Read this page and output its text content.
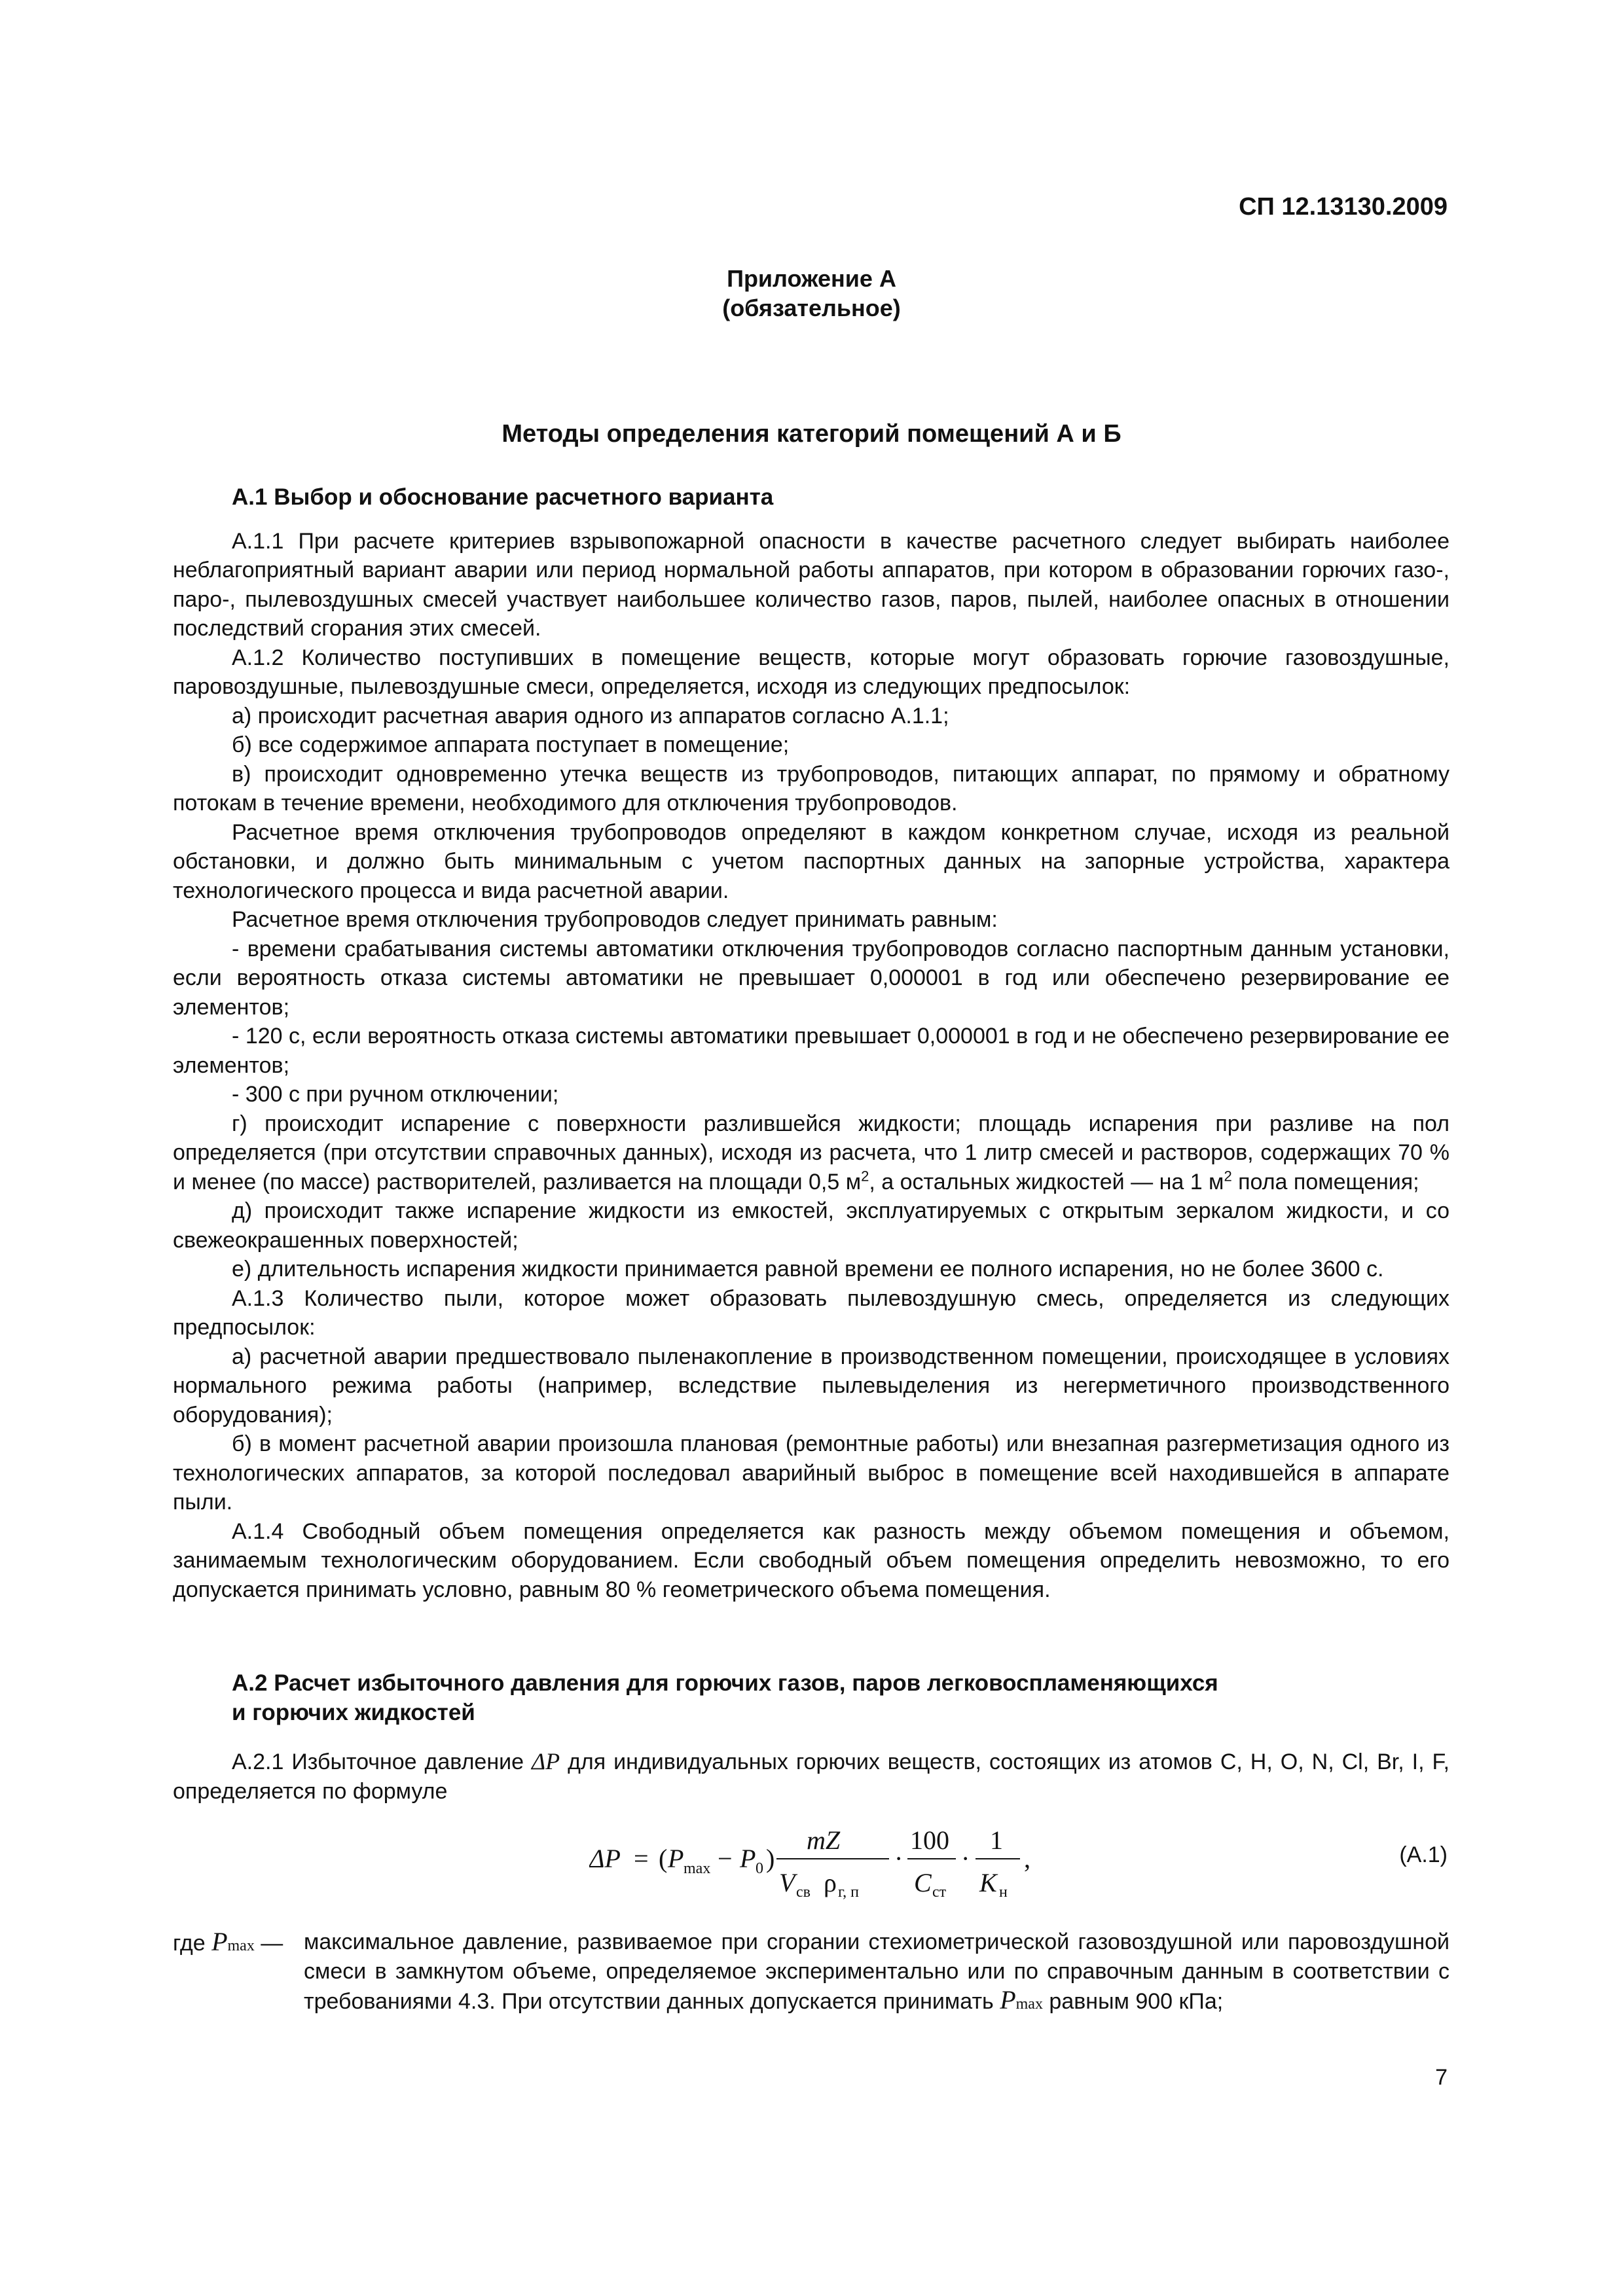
СП 12.13130.2009
Приложение А
(обязательное)
Методы определения категорий помещений А и Б
А.1 Выбор и обоснование расчетного варианта

А.1.1 При расчете критериев взрывопожарной опасности в качестве расчетного следует выбирать наиболее неблагоприятный вариант аварии или период нормальной работы аппаратов, при котором в образовании горючих газо-, паро-, пылевоздушных смесей участвует наибольшее количество газов, паров, пылей, наиболее опасных в отношении последствий сгорания этих смесей.

А.1.2 Количество поступивших в помещение веществ, которые могут образовать горючие газовоздушные, паровоздушные, пылевоздушные смеси, определяется, исходя из следующих предпосылок:

а) происходит расчетная авария одного из аппаратов согласно А.1.1;

б) все содержимое аппарата поступает в помещение;

в) происходит одновременно утечка веществ из трубопроводов, питающих аппарат, по прямому и обратному потокам в течение времени, необходимого для отключения трубопроводов.

Расчетное время отключения трубопроводов определяют в каждом конкретном случае, исходя из реальной обстановки, и должно быть минимальным с учетом паспортных данных на запорные устройства, характера технологического процесса и вида расчетной аварии.

Расчетное время отключения трубопроводов следует принимать равным:

- времени срабатывания системы автоматики отключения трубопроводов согласно паспортным данным установки, если вероятность отказа системы автоматики не превышает 0,000001 в год или обеспечено резервирование ее элементов;

- 120 с, если вероятность отказа системы автоматики превышает 0,000001 в год и не обеспечено резервирование ее элементов;

- 300 с при ручном отключении;

г) происходит испарение с поверхности разлившейся жидкости; площадь испарения при разливе на пол определяется (при отсутствии справочных данных), исходя из расчета, что 1 литр смесей и растворов, содержащих 70 % и менее (по массе) растворителей, разливается на площади 0,5 $м^2$, а остальных жидкостей — на 1 $м^2$ пола помещения;

д) происходит также испарение жидкости из емкостей, эксплуатируемых с открытым зеркалом жидкости, и со свежеокрашенных поверхностей;

е) длительность испарения жидкости принимается равной времени ее полного испарения, но не более 3600 с.

А.1.3 Количество пыли, которое может образовать пылевоздушную смесь, определяется из следующих предпосылок:

а) расчетной аварии предшествовало пыленакопление в производственном помещении, происходящее в условиях нормального режима работы (например, вследствие пылевыделения из негерметичного производственного оборудования);

б) в момент расчетной аварии произошла плановая (ремонтные работы) или внезапная разгерметизация одного из технологических аппаратов, за которой последовал аварийный выброс в помещение всей находившейся в аппарате пыли.

А.1.4 Свободный объем помещения определяется как разность между объемом помещения и объемом, занимаемым технологическим оборудованием. Если свободный объем помещения определить невозможно, то его допускается принимать условно, равным 80 % геометрического объема помещения.

А.2 Расчет избыточного давления для горючих газов, паров легковоспламеняющихся
и горючих жидкостей

А.2.1 Избыточное давление ΔP для индивидуальных горючих веществ, состоящих из атомов С, Н, О, N, Cl, Br, I, F, определяется по формуле

ΔP = ( P max − P 0 )
mZ
V св ρ г, п
·
100
C ст
·
1
K н
,	(А.1)
где Pmax — максимальное давление, развиваемое при сгорании стехиометрической газовоздушной или паровоздушной смеси в замкнутом объеме, определяемое экспериментально или по справочным данным в соответствии с требованиями 4.3. При отсутствии данных допускается принимать Pmax равным 900 кПа;
7
